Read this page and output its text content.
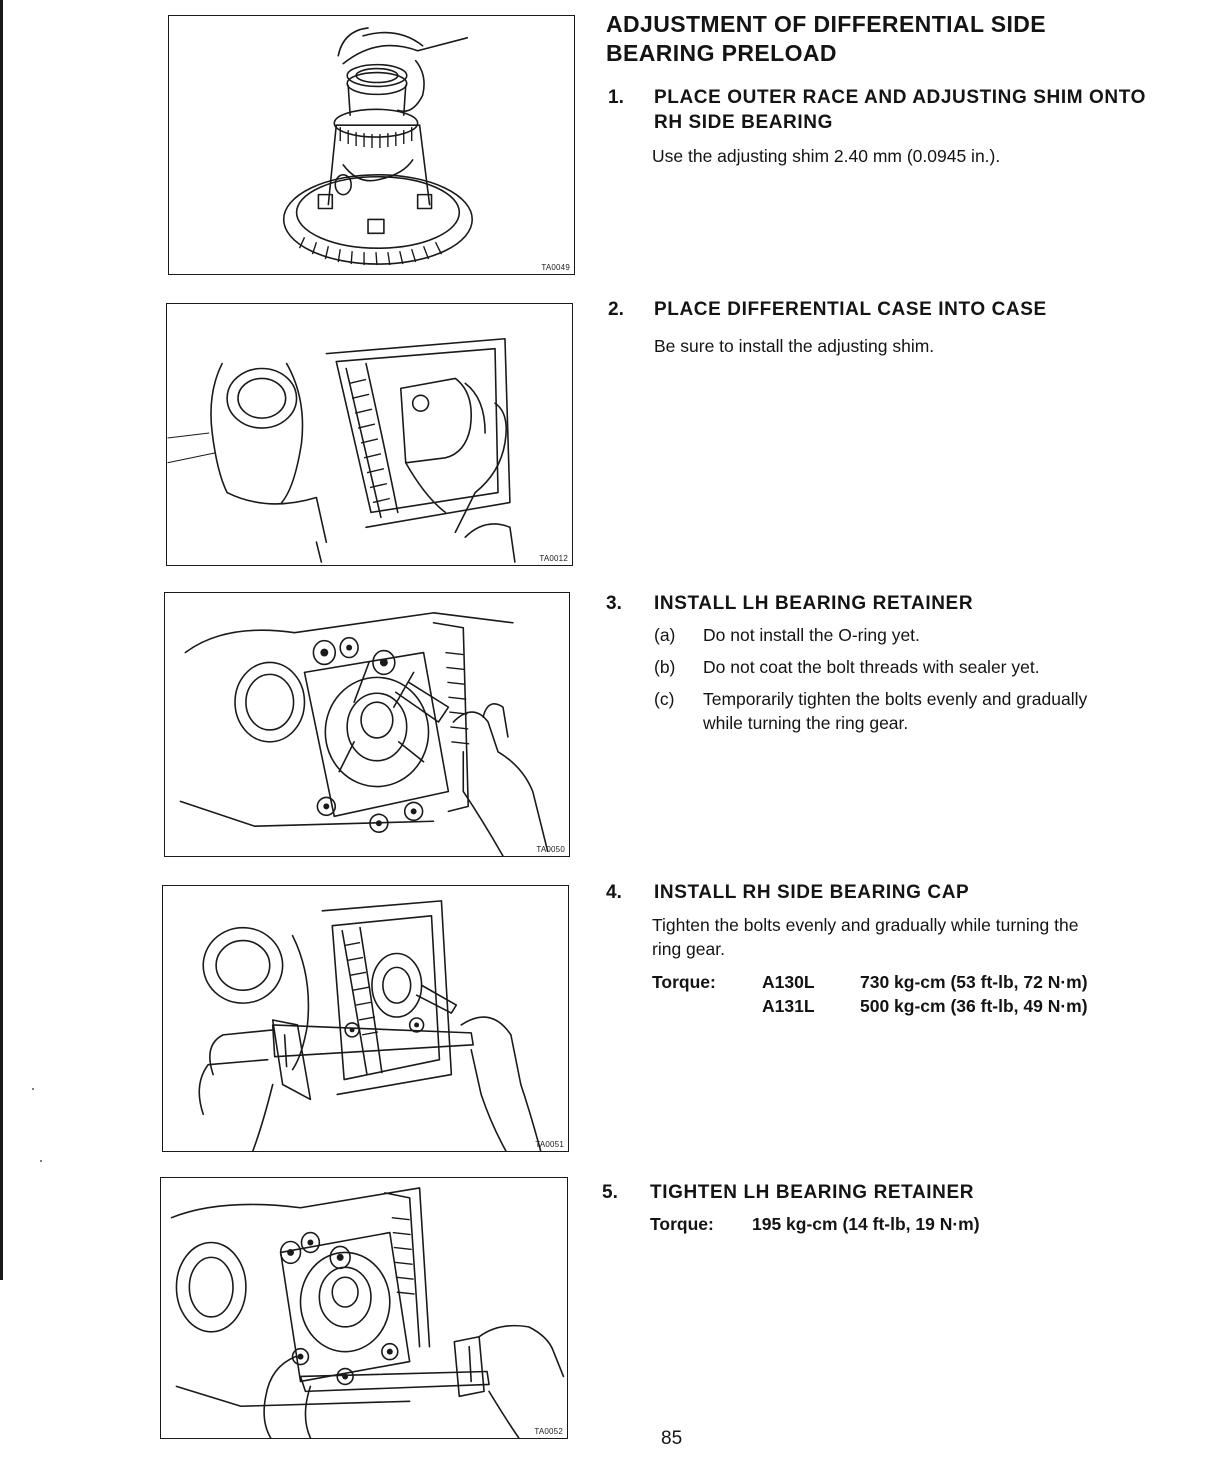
TA0049
TA0012
TA0050
TA0051
TA0052
ADJUSTMENT OF DIFFERENTIAL SIDE
BEARING PRELOAD
1. PLACE OUTER RACE AND ADJUSTING SHIM ONTO
RH SIDE BEARING
Use the adjusting shim 2.40 mm (0.0945 in.).
2. PLACE DIFFERENTIAL CASE INTO CASE
Be sure to install the adjusting shim.
3. INSTALL LH BEARING RETAINER
(a) Do not install the O-ring yet.
(b) Do not coat the bolt threads with sealer yet.
(c) Temporarily tighten the bolts evenly and gradually
while turning the ring gear.
4. INSTALL RH SIDE BEARING CAP
Tighten the bolts evenly and gradually while turning the
ring gear.
Torque:	A130L	730 kg-cm (53 ft-lb, 72 N·m)
A131L	500 kg-cm (36 ft-lb, 49 N·m)
5. TIGHTEN LH BEARING RETAINER
Torque: 195 kg-cm (14 ft-lb, 19 N·m)
85
